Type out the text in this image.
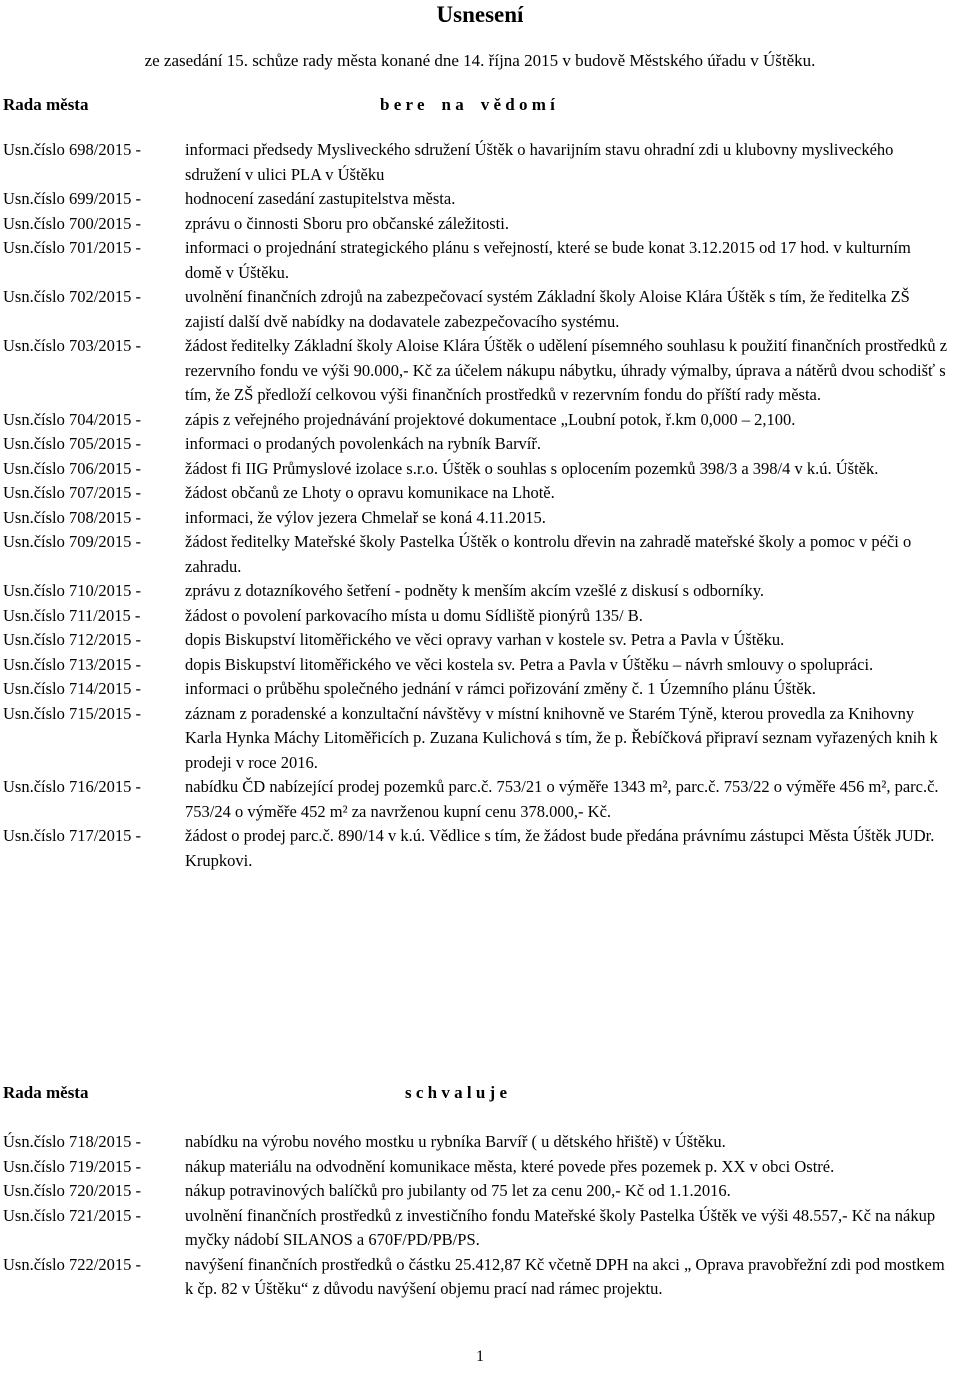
Usnesení
ze zasedání 15. schůze rady města konané dne 14. října 2015 v budově Městského úřadu v Úštěku.
Rada města	b e r e    n a    v ě d o m í
Usn.číslo 698/2015 -	informaci předsedy Mysliveckého sdružení Úštěk o havarijním stavu ohradní zdi u klubovny mysliveckého sdružení v ulici PLA v Úštěku
Usn.číslo 699/2015 -	hodnocení zasedání zastupitelstva města.
Usn.číslo 700/2015 -	zprávu o činnosti Sboru pro občanské záležitosti.
Usn.číslo 701/2015 -	informaci o projednání strategického plánu s veřejností, které se bude konat 3.12.2015 od 17 hod. v kulturním domě v Úštěku.
Usn.číslo 702/2015 -	uvolnění finančních zdrojů na zabezpečovací systém Základní školy Aloise Klára Úštěk s tím, že ředitelka ZŠ zajistí další dvě nabídky na dodavatele zabezpečovacího systému.
Usn.číslo 703/2015 -	žádost ředitelky Základní školy Aloise Klára Úštěk o udělení písemného souhlasu k použití finančních prostředků z rezervního fondu ve výši 90.000,- Kč za účelem nákupu nábytku, úhrady výmalby, úprava a nátěrů dvou schodišť s tím, že ZŠ předloží celkovou výši finančních prostředků v rezervním fondu do příští rady města.
Usn.číslo 704/2015 -	zápis z veřejného projednávání projektové dokumentace „Loubní potok, ř.km 0,000 – 2,100.
Usn.číslo 705/2015 -	informaci o prodaných povolenkách na rybník Barvíř.
Usn.číslo 706/2015 -	žádost fi IIG Průmyslové izolace s.r.o. Úštěk o souhlas s oplocením pozemků 398/3 a 398/4 v k.ú. Úštěk.
Usn.číslo 707/2015 -	žádost občanů ze Lhoty o opravu komunikace na Lhotě.
Usn.číslo 708/2015 -	informaci, že výlov jezera Chmelař se koná 4.11.2015.
Usn.číslo 709/2015 -	žádost ředitelky Mateřské školy Pastelka Úštěk o kontrolu dřevin na zahradě mateřské školy a pomoc v péči o zahradu.
Usn.číslo 710/2015 -	zprávu z dotazníkového šetření - podněty k menším akcím vzešlé z diskusí s odborníky.
Usn.číslo 711/2015 -	žádost o povolení parkovacího místa u domu Sídliště pionýrů 135/ B.
Usn.číslo 712/2015 -	dopis Biskupství litoměřického ve věci opravy varhan v kostele sv. Petra a Pavla v Úštěku.
Usn.číslo 713/2015 -	dopis Biskupství litoměřického ve věci kostela sv. Petra a Pavla v Úštěku – návrh smlouvy o spolupráci.
Usn.číslo 714/2015 -	informaci o průběhu společného jednání v rámci pořizování změny č. 1 Územního plánu Úštěk.
Usn.číslo 715/2015 -	záznam z poradenské a konzultační návštěvy v místní knihovně ve Starém Týně, kterou provedla za Knihovny Karla Hynka Máchy Litoměřicích p. Zuzana Kulichová s tím, že p. Řebíčková připraví seznam vyřazených knih k prodeji v roce 2016.
Usn.číslo 716/2015 -	nabídku ČD nabízející prodej pozemků parc.č. 753/21 o výměře 1343 m², parc.č. 753/22 o výměře 456 m², parc.č. 753/24 o výměře 452 m² za navrženou kupní cenu 378.000,- Kč.
Usn.číslo 717/2015 -	žádost o prodej parc.č. 890/14 v k.ú. Vědlice s tím, že žádost bude předána právnímu zástupci Města Úštěk JUDr. Krupkovi.
Rada města	s c h v a l u j e
Úsn.číslo 718/2015 -	nabídku na výrobu nového mostku u rybníka Barvíř ( u dětského hřiště) v Úštěku.
Usn.číslo 719/2015 -	nákup materiálu na odvodnění komunikace města, které povede přes pozemek p. XX v obci Ostré.
Usn.číslo 720/2015 -	nákup potravinových balíčků pro jubilanty od 75 let za cenu 200,- Kč od 1.1.2016.
Usn.číslo 721/2015 -	uvolnění finančních prostředků z investičního fondu Mateřské školy Pastelka Úštěk ve výši 48.557,- Kč na nákup myčky nádobí SILANOS a 670F/PD/PB/PS.
Usn.číslo 722/2015 -	navýšení finančních prostředků o částku 25.412,87 Kč včetně DPH na akci „ Oprava pravobřežní zdi pod mostkem k čp. 82 v Úštěku“ z důvodu navýšení objemu prací nad rámec projektu.
1
